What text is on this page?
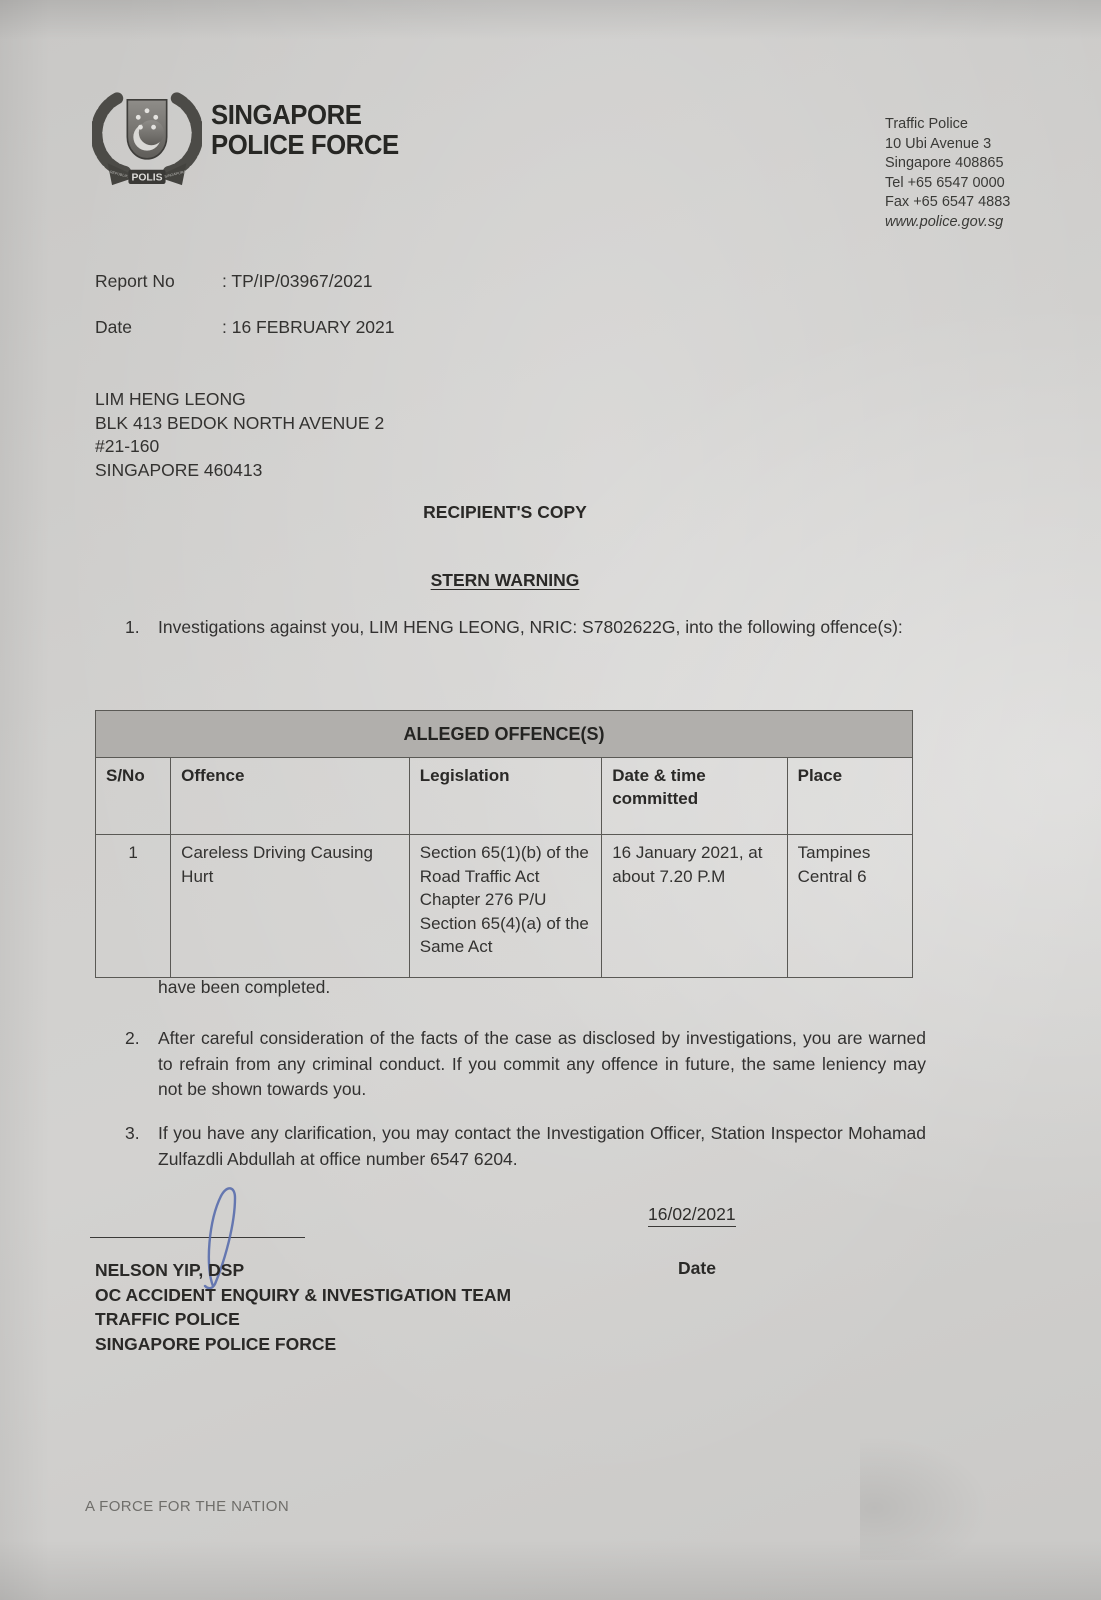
POLIS
REPUBLIK	SINGAPURA
SINGAPORE
POLICE FORCE
Traffic Police
10 Ubi Avenue 3
Singapore 408865
Tel +65 6547 0000
Fax +65 6547 4883
www.police.gov.sg
Report No	: TP/IP/03967/2021
Date	: 16 FEBRUARY 2021
LIM HENG LEONG
BLK 413 BEDOK NORTH AVENUE 2
#21-160
SINGAPORE 460413
RECIPIENT'S COPY
STERN WARNING
1.	Investigations against you, LIM HENG LEONG, NRIC: S7802622G, into the following offence(s):
ALLEGED OFFENCE(S)				
S/No	Offence	Legislation	Date & time committed	Place
1	Careless Driving Causing Hurt	Section 65(1)(b) of the Road Traffic Act Chapter 276 P/U Section 65(4)(a) of the Same Act	16 January 2021, at about 7.20 P.M	Tampines Central 6
have been completed.
2.	After careful consideration of the facts of the case as disclosed by investigations, you are warned to refrain from any criminal conduct. If you commit any offence in future, the same leniency may not be shown towards you.
3.	If you have any clarification, you may contact the Investigation Officer, Station Inspector Mohamad Zulfazdli Abdullah at office number 6547 6204.
16/02/2021
Date
NELSON YIP, DSP
OC ACCIDENT ENQUIRY & INVESTIGATION TEAM
TRAFFIC POLICE
SINGAPORE POLICE FORCE
A FORCE FOR THE NATION
